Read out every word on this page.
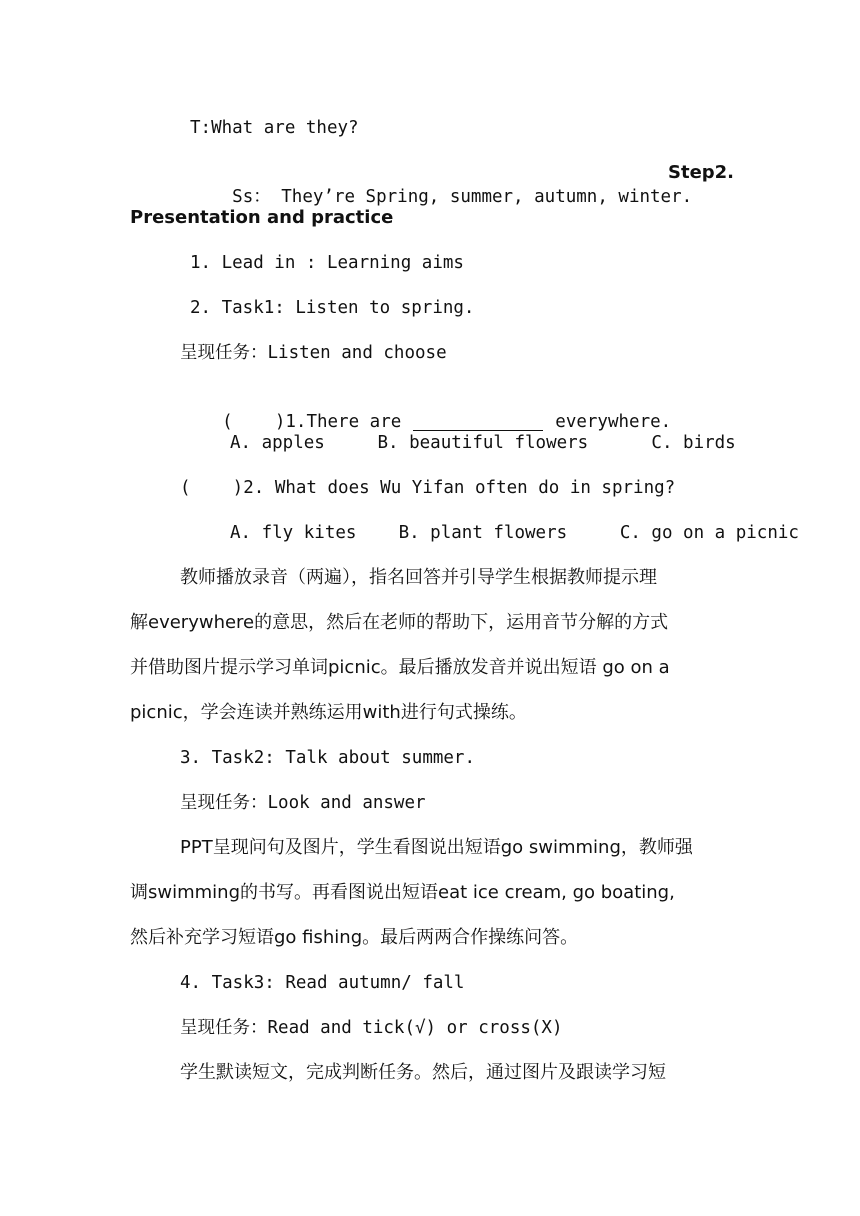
T:What are they?

Ss： They’re Spring, summer, autumn, winter.

Step2.
Presentation and practice
1. Lead in : Learning aims
2. Task1: Listen to spring.
呈现任务：Listen and choose

(    )1.There are	everywhere.

A. apples     B. beautiful flowers      C. birds
(    )2. What does Wu Yifan often do in spring?
A. fly kites    B. plant flowers     C. go on a picnic
教师播放录音（两遍），指名回答并引导学生根据教师提示理
解everywhere的意思，然后在老师的帮助下，运用音节分解的方式
并借助图片提示学习单词picnic。最后播放发音并说出短语 go on a
picnic，学会连读并熟练运用with进行句式操练。
3. Task2: Talk about summer.
呈现任务：Look and answer
PPT呈现问句及图片，学生看图说出短语go swimming，教师强
调swimming的书写。再看图说出短语eat ice cream, go boating,
然后补充学习短语go fishing。最后两两合作操练问答。
4. Task3: Read autumn/ fall
呈现任务：Read and tick(√) or cross(X)
学生默读短文，完成判断任务。然后，通过图片及跟读学习短
